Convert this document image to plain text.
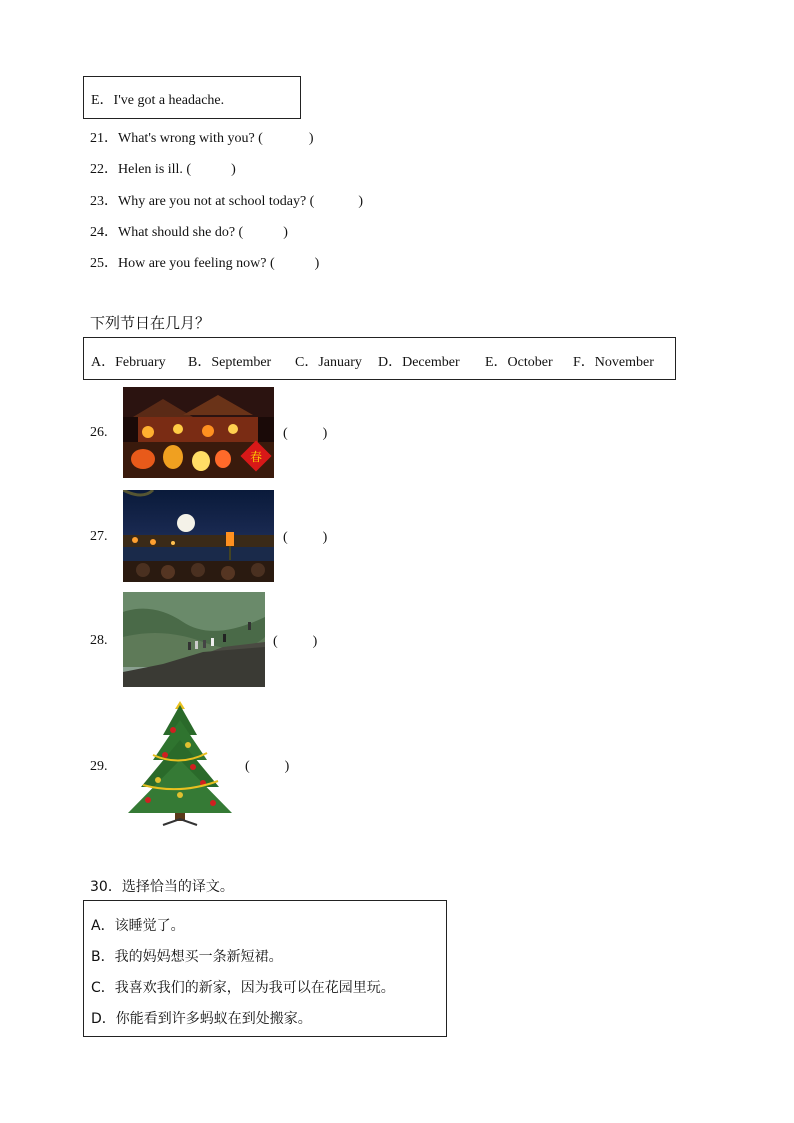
E．I've got a headache.
21．What's wrong with you? (	)
22．Helen is ill. (	)
23．Why are you not at school today? (	)
24．What should she do? (	)
25．How are you feeling now? (	)
下列节日在几月？
A．February B．September C．January D．December E．October F．November
26.
春
(          )
27.	(          )
28.	(          )
29.	(          )
30．选择恰当的译文。
A．该睡觉了。
B．我的妈妈想买一条新短裙。
C．我喜欢我们的新家，因为我可以在花园里玩。
D．你能看到许多蚂蚁在到处搬家。
